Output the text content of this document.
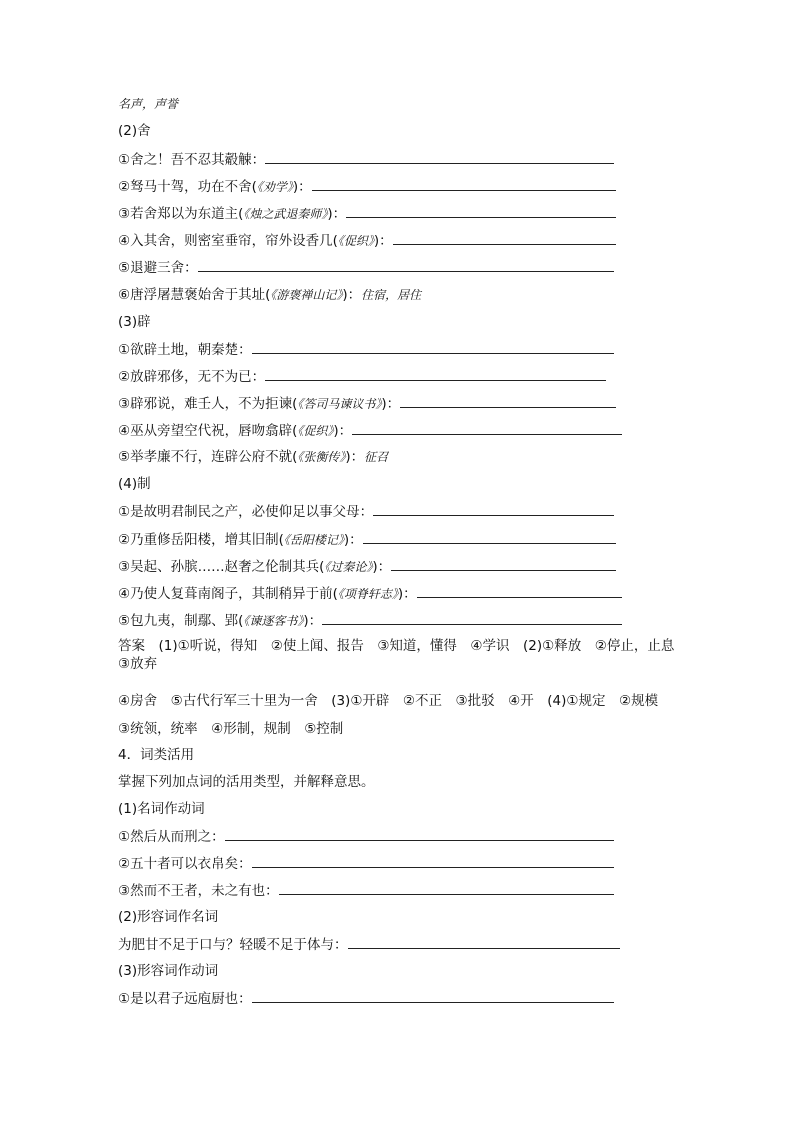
名声，声誉
(2)舍
①舍之！吾不忍其觳觫：
②驽马十驾，功在不舍(《劝学》)：
③若舍郑以为东道主(《烛之武退秦师》)：
④入其舍，则密室垂帘，帘外设香几(《促织》)：
⑤退避三舍：
⑥唐浮屠慧褒始舍于其址(《游褒禅山记》)：住宿，居住
(3)辟
①欲辟土地，朝秦楚：
②放辟邪侈，无不为已：
③辟邪说，难壬人，不为拒谏(《答司马谏议书》)：
④巫从旁望空代祝，唇吻翕辟(《促织》)：
⑤举孝廉不行，连辟公府不就(《张衡传》)：征召
(4)制
①是故明君制民之产，必使仰足以事父母：
②乃重修岳阳楼，增其旧制(《岳阳楼记》)：
③吴起、孙膑……赵奢之伦制其兵(《过秦论》)：
④乃使人复葺南阁子，其制稍异于前(《项脊轩志》)：
⑤包九夷，制鄢、郢(《谏逐客书》)：
答案　(1)①听说，得知　②使上闻、报告　③知道，懂得　④学识　(2)①释放　②停止，止息　③放弃
④房舍　⑤古代行军三十里为一舍　(3)①开辟　②不正　③批驳　④开　(4)①规定　②规模
③统领，统率　④形制，规制　⑤控制
4．词类活用
掌握下列加点词的活用类型，并解释意思。
(1)名词作动词
①然后从而刑之：
②五十者可以衣帛矣：
③然而不王者，未之有也：
(2)形容词作名词
为肥甘不足于口与？轻暖不足于体与：
(3)形容词作动词
①是以君子远庖厨也：
